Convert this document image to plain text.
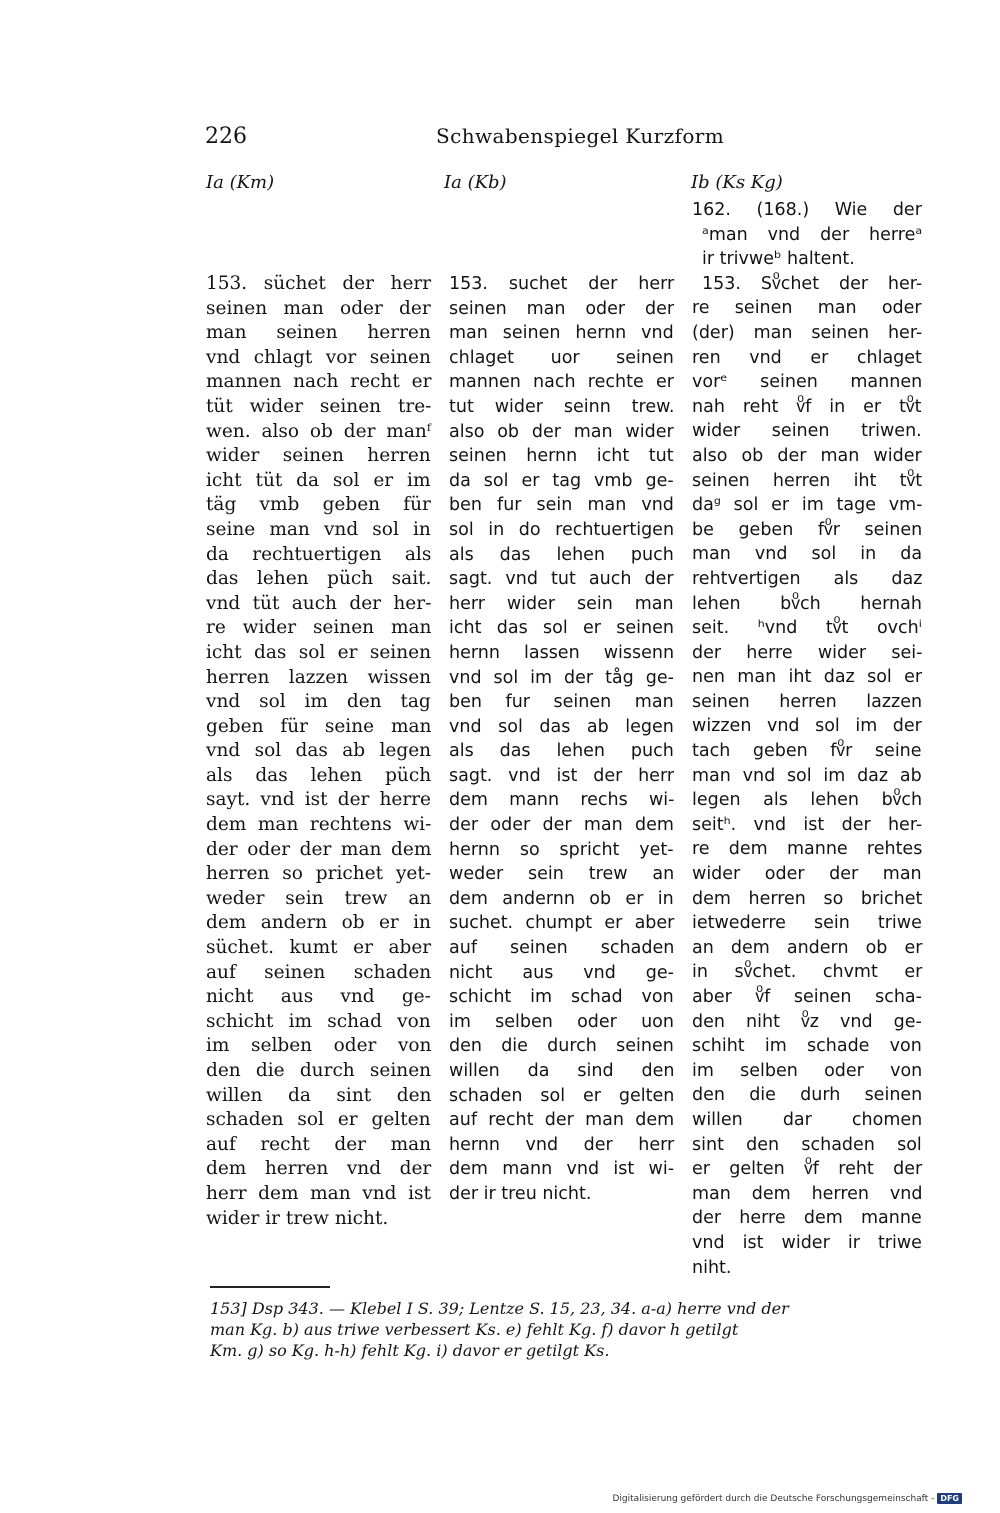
226	Schwabenspiegel Kurzform
Ia (Km)	Ia (Kb)	Ib (Ks Kg)
153. süchet der herr
seinen man oder der
man seinen herren
vnd chlagt vor seinen
mannen nach recht er
tüt wider seinen tre-
wen. also ob der manᶠ
wider seinen herren
icht tüt da sol er im
täg vmb geben für
seine man vnd sol in
da rechtuertigen als
das lehen püch sait.
vnd tüt auch der her-
re wider seinen man
icht das sol er seinen
herren lazzen wissen
vnd sol im den tag
geben für seine man
vnd sol das ab legen
als das lehen püch
sayt. vnd ist der herre
dem man rechtens wi-
der oder der man dem
herren so prichet yet-
weder sein trew an
dem andern ob er in
süchet. kumt er aber
auf seinen schaden
nicht aus vnd ge-
schicht im schad von
im selben oder von
den die durch seinen
willen da sint den
schaden sol er gelten
auf recht der man
dem herren vnd der
herr dem man vnd ist
wider ir trew nicht.
153. suchet der herr
seinen man oder der
man seinen hernn vnd
chlaget uor seinen
mannen nach rechte er
tut wider seinn trew.
also ob der man wider
seinen hernn icht tut
da sol er tag vmb ge-
ben fur sein man vnd
sol in do rechtuertigen
als das lehen puch
sagt. vnd tut auch der
herr wider sein man
icht das sol er seinen
hernn lassen wissenn
vnd sol im der tåg ge-
ben fur seinen man
vnd sol das ab legen
als das lehen puch
sagt. vnd ist der herr
dem mann rechs wi-
der oder der man dem
hernn so spricht yet-
weder sein trew an
dem andernn ob er in
suchet. chumpt er aber
auf seinen schaden
nicht aus vnd ge-
schicht im schad von
im selben oder uon
den die durch seinen
willen da sind den
schaden sol er gelten
auf recht der man dem
hernn vnd der herr
dem mann vnd ist wi-
der ir treu nicht.
162. (168.) Wie der
ᵃman vnd der herreᵃ
ir trivweᵇ haltent.
153. Svͦchet der her-
re seinen man oder
(der) man seinen her-
ren vnd er chlaget
vorᵉ seinen mannen
nah reht vͦf in er tvͦt
wider seinen triwen.
also ob der man wider
seinen herren iht tvͦt
daᵍ sol er im tage vm-
be geben fvͦr seinen
man vnd sol in da
rehtvertigen als daz
lehen bvͦch hernah
seit. ʰvnd tvͦt ovchⁱ
der herre wider sei-
nen man iht daz sol er
seinen herren lazzen
wizzen vnd sol im der
tach geben fvͦr seine
man vnd sol im daz ab
legen als lehen bvͦch
seitʰ. vnd ist der her-
re dem manne rehtes
wider oder der man
dem herren so brichet
ietwederre sein triwe
an dem andern ob er
in svͦchet. chvmt er
aber vͦf seinen scha-
den niht vͦz vnd ge-
schiht im schade von
im selben oder von
den die durh seinen
willen dar chomen
sint den schaden sol
er gelten vͦf reht der
man dem herren vnd
der herre dem manne
vnd ist wider ir triwe
niht.
153] Dsp 343. — Klebel I S. 39; Lentze S. 15, 23, 34. a-a) herre vnd der
man Kg. b) aus triwe verbessert Ks. e) fehlt Kg. f) davor h getilgt
Km. g) so Kg. h-h) fehlt Kg. i) davor er getilgt Ks.
Digitalisierung gefördert durch die Deutsche Forschungsgemeinschaft - DFG
